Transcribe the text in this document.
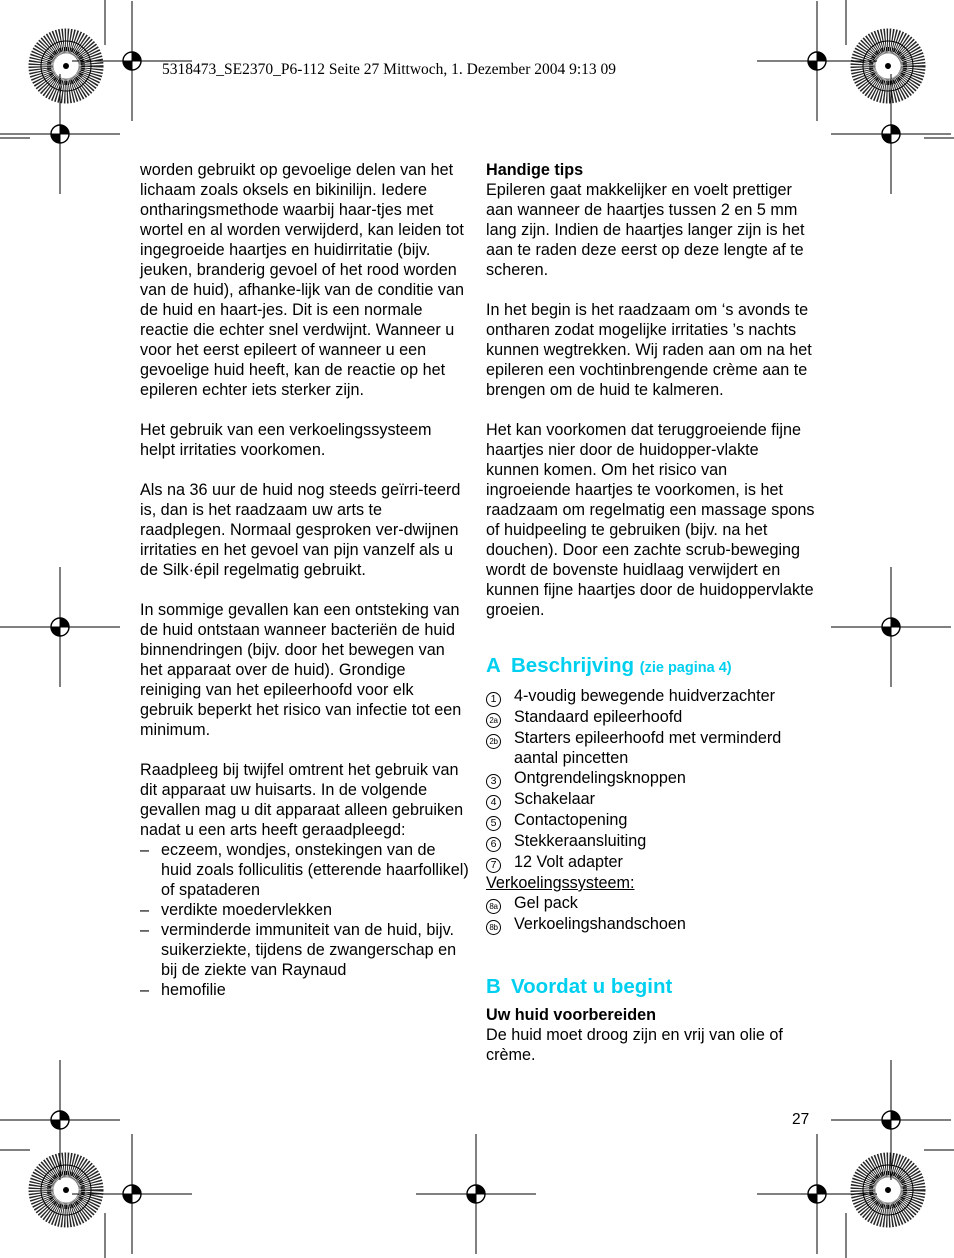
5318473_SE2370_P6-112 Seite 27 Mittwoch, 1. Dezember 2004 9:13 09

worden gebruikt op gevoelige delen van het lichaam zoals oksels en bikinilijn. Iedere ontharingsmethode waarbij haar-tjes met wortel en al worden verwijderd, kan leiden tot ingegroeide haartjes en huidirritatie (bijv. jeuken, branderig gevoel of het rood worden van de huid), afhanke-lijk van de conditie van de huid en haart-jes. Dit is een normale reactie die echter snel verdwijnt. Wanneer u voor het eerst epileert of wanneer u een gevoelige huid heeft, kan de reactie op het epileren echter iets sterker zijn.

Het gebruik van een verkoelingssysteem helpt irritaties voorkomen.

Als na 36 uur de huid nog steeds geïrri-teerd is, dan is het raadzaam uw arts te raadplegen. Normaal gesproken ver-dwijnen irritaties en het gevoel van pijn vanzelf als u de Silk·épil regelmatig gebruikt.

In sommige gevallen kan een ontsteking van de huid ontstaan wanneer bacteriën de huid binnendringen (bijv. door het bewegen van het apparaat over de huid). Grondige reiniging van het epileerhoofd voor elk gebruik beperkt het risico van infectie tot een minimum.

Raadpleeg bij twijfel omtrent het gebruik van dit apparaat uw huisarts. In de volgende gevallen mag u dit apparaat alleen gebruiken nadat u een arts heeft geraadpleegd:

– eczeem, wondjes, onstekingen van de huid zoals folliculitis (etterende haarfollikel) of spataderen
– verdikte moedervlekken
– verminderde immuniteit van de huid, bijv. suikerziekte, tijdens de zwangerschap en bij de ziekte van Raynaud
– hemofilie
Handige tips

Epileren gaat makkelijker en voelt prettiger aan wanneer de haartjes tussen 2 en 5 mm lang zijn. Indien de haartjes langer zijn is het aan te raden deze eerst op deze lengte af te scheren.

In het begin is het raadzaam om ‘s avonds te ontharen zodat mogelijke irritaties ’s nachts kunnen wegtrekken. Wij raden aan om na het epileren een vochtinbrengende crème aan te brengen om de huid te kalmeren.

Het kan voorkomen dat teruggroeiende fijne haartjes nier door de huidopper-vlakte kunnen komen. Om het risico van ingroeiende haartjes te voorkomen, is het raadzaam om regelmatig een massage spons of huidpeeling te gebruiken (bijv. na het douchen). Door een zachte scrub-beweging wordt de bovenste huidlaag verwijdert en kunnen fijne haartjes door de huidoppervlakte groeien.

A Beschrijving (zie pagina 4)
1	4-voudig bewegende huidverzachter
2a	Standaard epileerhoofd
2b	Starters epileerhoofd met verminderd aantal pincetten
3	Ontgrendelingsknoppen
4	Schakelaar
5	Contactopening
6	Stekkeraansluiting
7	12 Volt adapter
Verkoelingssysteem:
8a	Gel pack
8b	Verkoelingshandschoen
B Voordat u begint
Uw huid voorbereiden

De huid moet droog zijn en vrij van olie of crème.

27
